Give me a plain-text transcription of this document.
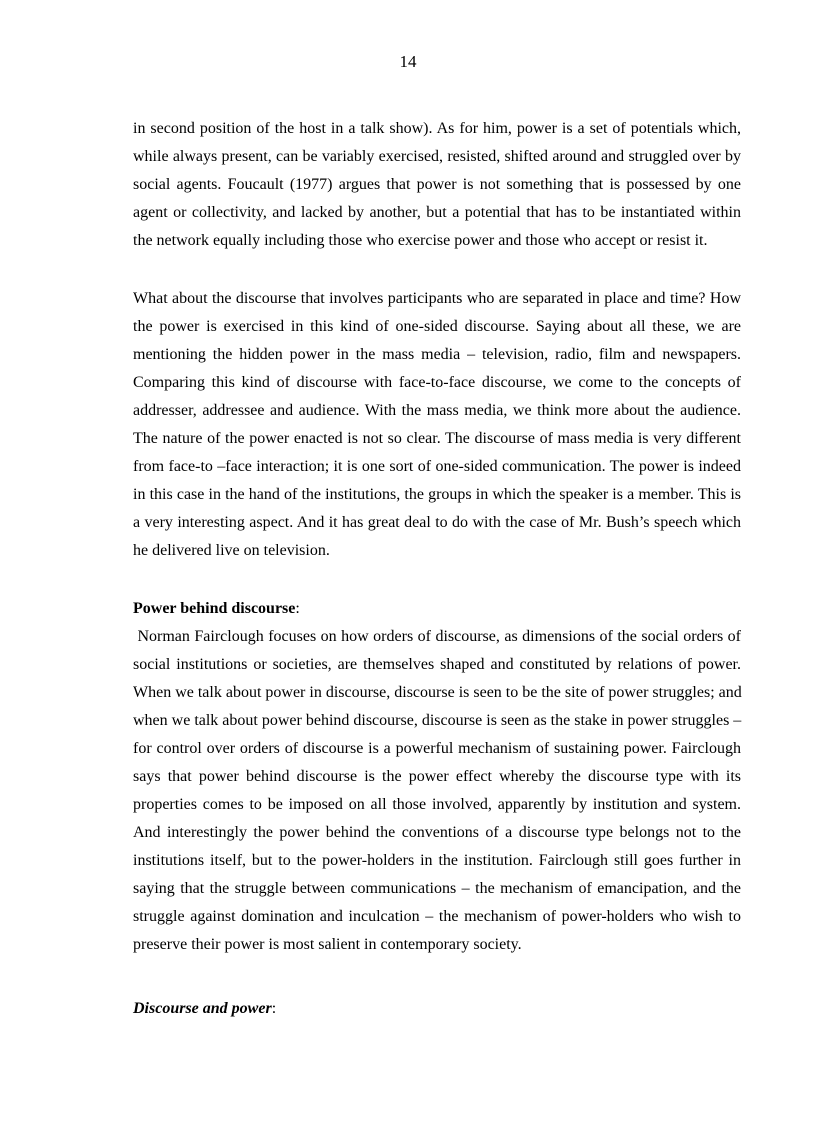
14
in second position of the host in a talk show). As for him, power is a set of potentials which,
while always present, can be variably exercised, resisted, shifted around and struggled over by
social agents. Foucault (1977) argues that power is not something that is possessed by one
agent or collectivity, and lacked by another, but a potential that has to be instantiated within
the network equally including those who exercise power and those who accept or resist it.
What about the discourse that involves participants who are separated in place and time? How
the power is exercised in this kind of one-sided discourse. Saying about all these, we are
mentioning the hidden power in the mass media – television, radio, film and newspapers.
Comparing this kind of discourse with face-to-face discourse, we come to the concepts of
addresser, addressee and audience. With the mass media, we think more about the audience.
The nature of the power enacted is not so clear. The discourse of mass media is very different
from face-to –face interaction; it is one sort of one-sided communication. The power is indeed
in this case in the hand of the institutions, the groups in which the speaker is a member. This is
a very interesting aspect. And it has great deal to do with the case of Mr. Bush’s speech which
he delivered live on television.
Power behind discourse:
Norman Fairclough focuses on how orders of discourse, as dimensions of the social orders of
social institutions or societies, are themselves shaped and constituted by relations of power.
When we talk about power in discourse, discourse is seen to be the site of power struggles; and
when we talk about power behind discourse, discourse is seen as the stake in power struggles –
for control over orders of discourse is a powerful mechanism of sustaining power. Fairclough
says that power behind discourse is the power effect whereby the discourse type with its
properties comes to be imposed on all those involved, apparently by institution and system.
And interestingly the power behind the conventions of a discourse type belongs not to the
institutions itself, but to the power-holders in the institution. Fairclough still goes further in
saying that the struggle between communications – the mechanism of emancipation, and the
struggle against domination and inculcation – the mechanism of power-holders who wish to
preserve their power is most salient in contemporary society.
Discourse and power:
